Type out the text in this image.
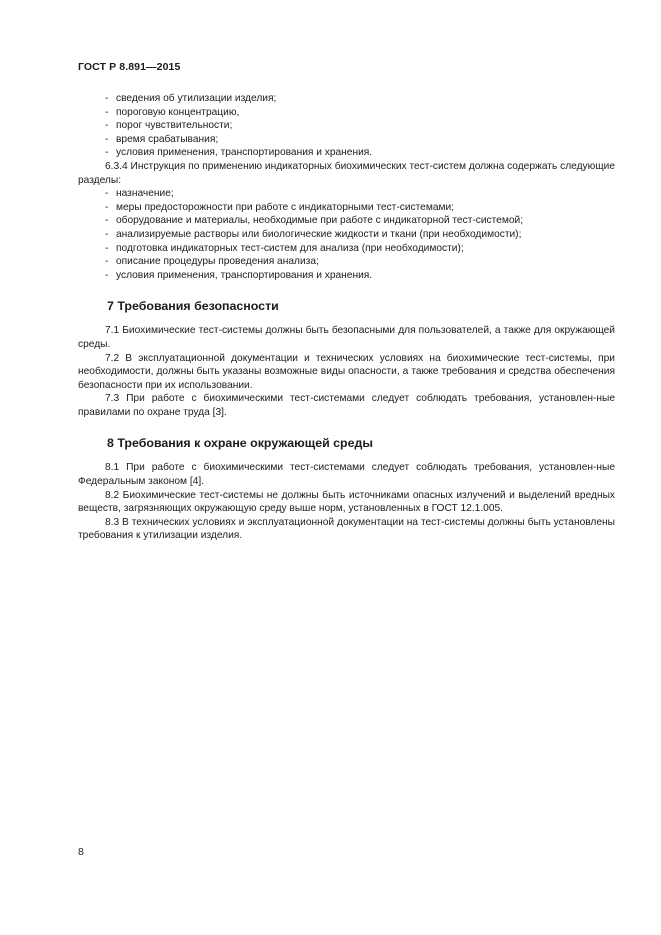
ГОСТ Р 8.891—2015
- сведения об утилизации изделия;
- пороговую концентрацию,
- порог чувствительности;
- время срабатывания;
- условия применения, транспортирования и хранения.

6.3.4 Инструкция по применению индикаторных биохимических тест-систем должна содержать следующие разделы:

- назначение;
- меры предосторожности при работе с индикаторными тест-системами;
- оборудование и материалы, необходимые при работе с индикаторной тест-системой;
- анализируемые растворы или биологические жидкости и ткани (при необходимости);
- подготовка индикаторных тест-систем для анализа (при необходимости);
- описание процедуры проведения анализа;
- условия применения, транспортирования и хранения.
7 Требования безопасности

7.1 Биохимические тест-системы должны быть безопасными для пользователей, а также для окружающей среды.

7.2 В эксплуатационной документации и технических условиях на биохимические тест-системы, при необходимости, должны быть указаны возможные виды опасности, а также требования и средства обеспечения безопасности при их использовании.

7.3 При работе с биохимическими тест-системами следует соблюдать требования, установлен-ные правилами по охране труда [3].

8 Требования к охране окружающей среды

8.1 При работе с биохимическими тест-системами следует соблюдать требования, установлен-ные Федеральным законом [4].

8.2 Биохимические тест-системы не должны быть источниками опасных излучений и выделений вредных веществ, загрязняющих окружающую среду выше норм, установленных в ГОСТ 12.1.005.

8.3 В технических условиях и эксплуатационной документации на тест-системы должны быть установлены требования к утилизации изделия.

8
